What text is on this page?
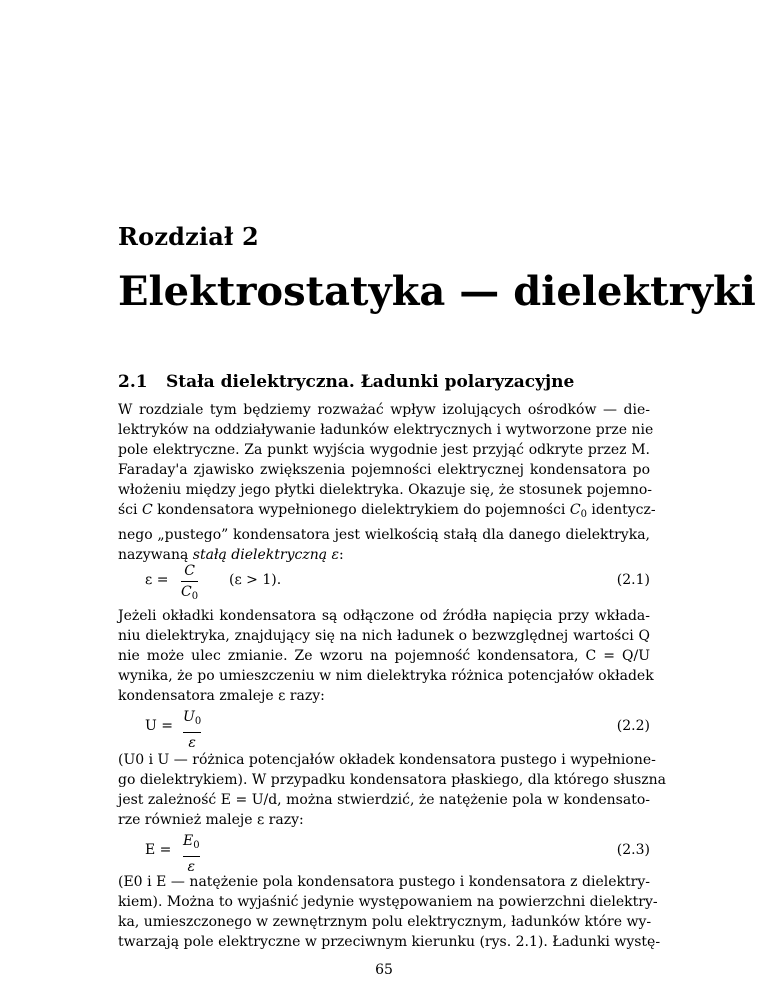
Rozdział 2
Elektrostatyka — dielektryki
2.1 Stała dielektryczna. Ładunki polaryzacyjne
W rozdziale tym będziemy rozważać wpływ izolujących ośrodków — die-
lektryków na oddziaływanie ładunków elektrycznych i wytworzone prze nie
pole elektryczne. Za punkt wyjścia wygodnie jest przyjąć odkryte przez M.
Faraday'a zjawisko zwiększenia pojemności elektrycznej kondensatora po
włożeniu między jego płytki dielektryka. Okazuje się, że stosunek pojemno-
ści C kondensatora wypełnionego dielektrykiem do pojemności $C_0$ identycz-
nego „pustego” kondensatora jest wielkością stałą dla danego dielektryka,
nazywaną stałą dielektryczną ε:
ε =
C
$C_0$
(ε > 1).	(2.1)
Jeżeli okładki kondensatora są odłączone od źródła napięcia przy wkłada-
niu dielektryka, znajdujący się na nich ładunek o bezwzględnej wartości Q
nie może ulec zmianie. Ze wzoru na pojemność kondensatora, C = Q/U
wynika, że po umieszczeniu w nim dielektryka różnica potencjałów okładek
kondensatora zmaleje ε razy:
U =
$U_0$
ε
(2.2)
(U0 i U — różnica potencjałów okładek kondensatora pustego i wypełnione-
go dielektrykiem). W przypadku kondensatora płaskiego, dla którego słuszna
jest zależność E = U/d, można stwierdzić, że natężenie pola w kondensato-
rze również maleje ε razy:
E =
$E_0$
ε
(2.3)
(E0 i E — natężenie pola kondensatora pustego i kondensatora z dielektry-
kiem). Można to wyjaśnić jedynie występowaniem na powierzchni dielektry-
ka, umieszczonego w zewnętrznym polu elektrycznym, ładunków które wy-
twarzają pole elektryczne w przeciwnym kierunku (rys. 2.1). Ładunki wystę-
65
